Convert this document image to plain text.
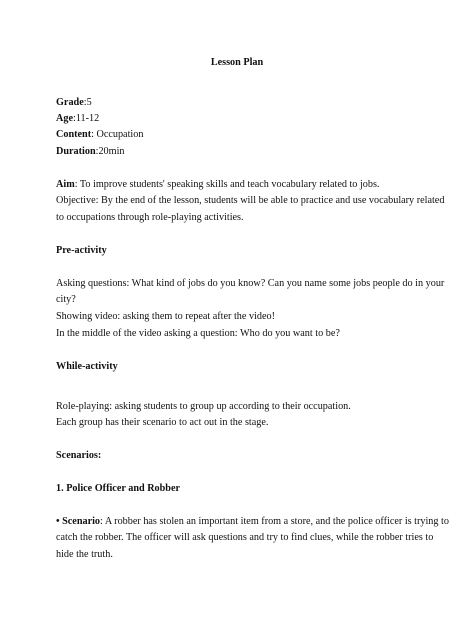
Lesson Plan
Grade:5
Age:11-12
Content: Occupation
Duration:20min
Aim: To improve students' speaking skills and teach vocabulary related to jobs.
Objective: By the end of the lesson, students will be able to practice and use vocabulary related
to occupations through role-playing activities.
Pre-activity
Asking questions: What kind of jobs do you know? Can you name some jobs people do in your
city?
Showing video: asking them to repeat after the video!
In the middle of the video asking a question: Who do you want to be?
While-activity
Role-playing: asking students to group up according to their occupation.
Each group has their scenario to act out in the stage.
Scenarios:
1. Police Officer and Robber
• Scenario: A robber has stolen an important item from a store, and the police officer is trying to
catch the robber. The officer will ask questions and try to find clues, while the robber tries to
hide the truth.
